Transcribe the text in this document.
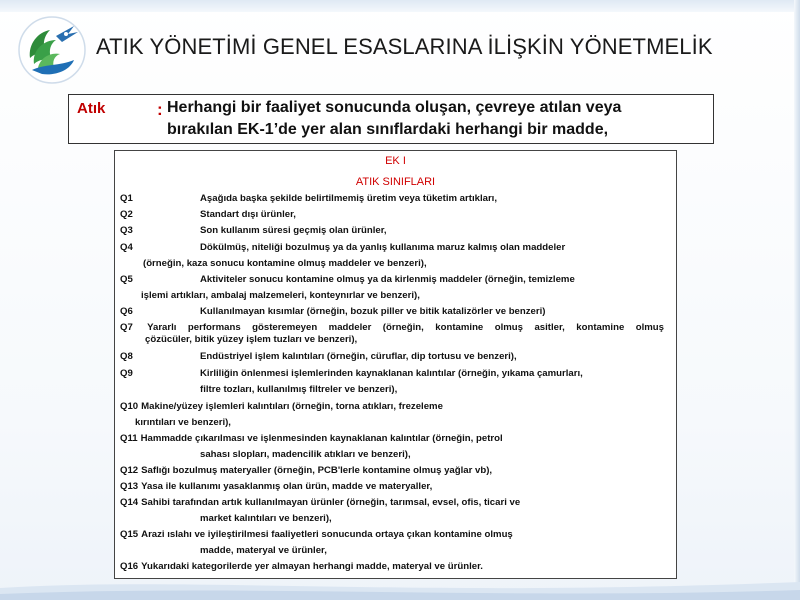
ATIK YÖNETİMİ GENEL ESASLARINA İLİŞKİN YÖNETMELİK
Atık	: Herhangi bir faaliyet sonucunda oluşan, çevreye atılan veya
bırakılan EK-1’de yer alan sınıflardaki herhangi bir madde,
EK I
ATIK SINIFLARI
Q1	Aşağıda başka şekilde belirtilmemiş üretim veya tüketim artıkları,
Q2	Standart dışı ürünler,
Q3	Son kullanım süresi geçmiş olan ürünler,
Q4	Dökülmüş, niteliği bozulmuş ya da yanlış kullanıma maruz kalmış olan maddeler
(örneğin, kaza sonucu kontamine olmuş maddeler ve benzeri),
Q5	Aktiviteler sonucu kontamine olmuş ya da kirlenmiş maddeler (örneğin, temizleme
işlemi artıkları, ambalaj malzemeleri, konteynırlar ve benzeri),
Q6	Kullanılmayan kısımlar (örneğin, bozuk piller ve bitik katalizörler ve benzeri)
Q7 Yararlı performans gösteremeyen maddeler (örneğin, kontamine olmuş asitler, kontamine olmuş
çözücüler, bitik yüzey işlem tuzları ve benzeri),
Q8	Endüstriyel işlem kalıntıları (örneğin, cüruflar, dip tortusu ve benzeri),
Q9	Kirliliğin önlenmesi işlemlerinden kaynaklanan kalıntılar (örneğin, yıkama çamurları,
filtre tozları, kullanılmış filtreler ve benzeri),
Q10 Makine/yüzey işlemleri kalıntıları (örneğin, torna atıkları, frezeleme
kırıntıları ve benzeri),
Q11 Hammadde çıkarılması ve işlenmesinden kaynaklanan kalıntılar (örneğin, petrol
sahası slopları, madencilik atıkları ve benzeri),
Q12 Saflığı bozulmuş materyaller (örneğin, PCB'lerle kontamine olmuş yağlar vb),
Q13 Yasa ile kullanımı yasaklanmış olan ürün, madde ve materyaller,
Q14 Sahibi tarafından artık kullanılmayan ürünler (örneğin, tarımsal, evsel, ofis, ticari ve
market kalıntıları ve benzeri),
Q15 Arazi ıslahı ve iyileştirilmesi faaliyetleri sonucunda ortaya çıkan kontamine olmuş
madde, materyal ve ürünler,
Q16 Yukarıdaki kategorilerde yer almayan herhangi madde, materyal ve ürünler.
